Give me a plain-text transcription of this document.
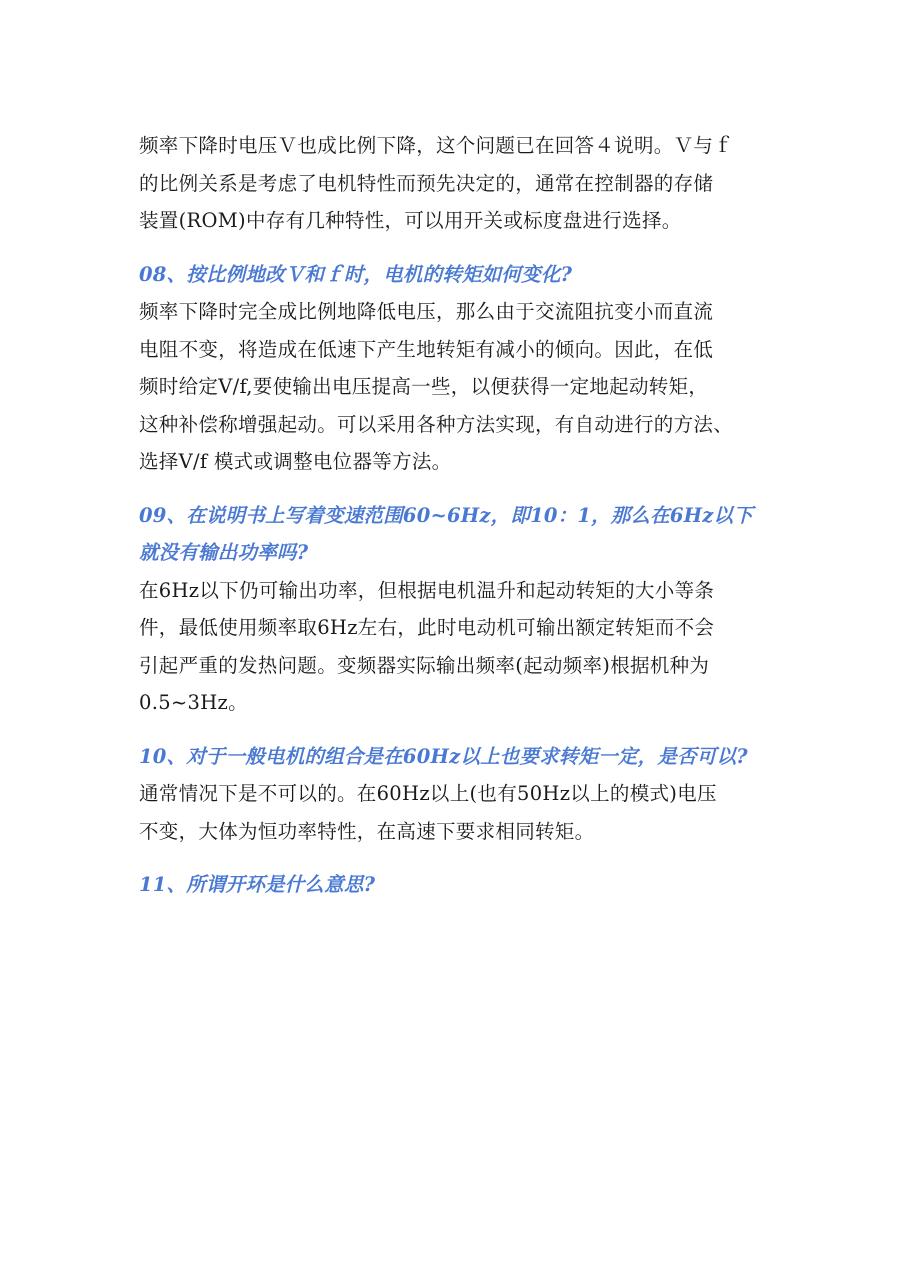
频率下降时电压Ｖ也成比例下降，这个问题已在回答４说明。Ｖ与ｆ
的比例关系是考虑了电机特性而预先决定的，通常在控制器的存储
装置(ROM)中存有几种特性，可以用开关或标度盘进行选择。

08、按比例地改Ｖ和ｆ时，电机的转矩如何变化?

频率下降时完全成比例地降低电压，那么由于交流阻抗变小而直流
电阻不变，将造成在低速下产生地转矩有减小的倾向。因此，在低
频时给定V/f,要使输出电压提高一些，以便获得一定地起动转矩，
这种补偿称增强起动。可以采用各种方法实现，有自动进行的方法、
选择V/f 模式或调整电位器等方法。

09、在说明书上写着变速范围60~6Hz，即10：1，那么在6Hz以下
就没有输出功率吗?

在6Hz以下仍可输出功率，但根据电机温升和起动转矩的大小等条
件，最低使用频率取6Hz左右，此时电动机可输出额定转矩而不会
引起严重的发热问题。变频器实际输出频率(起动频率)根据机种为
0.5~3Hz。

10、对于一般电机的组合是在60Hz以上也要求转矩一定，是否可以?

通常情况下是不可以的。在60Hz以上(也有50Hz以上的模式)电压
不变，大体为恒功率特性，在高速下要求相同转矩。

11、所谓开环是什么意思?
